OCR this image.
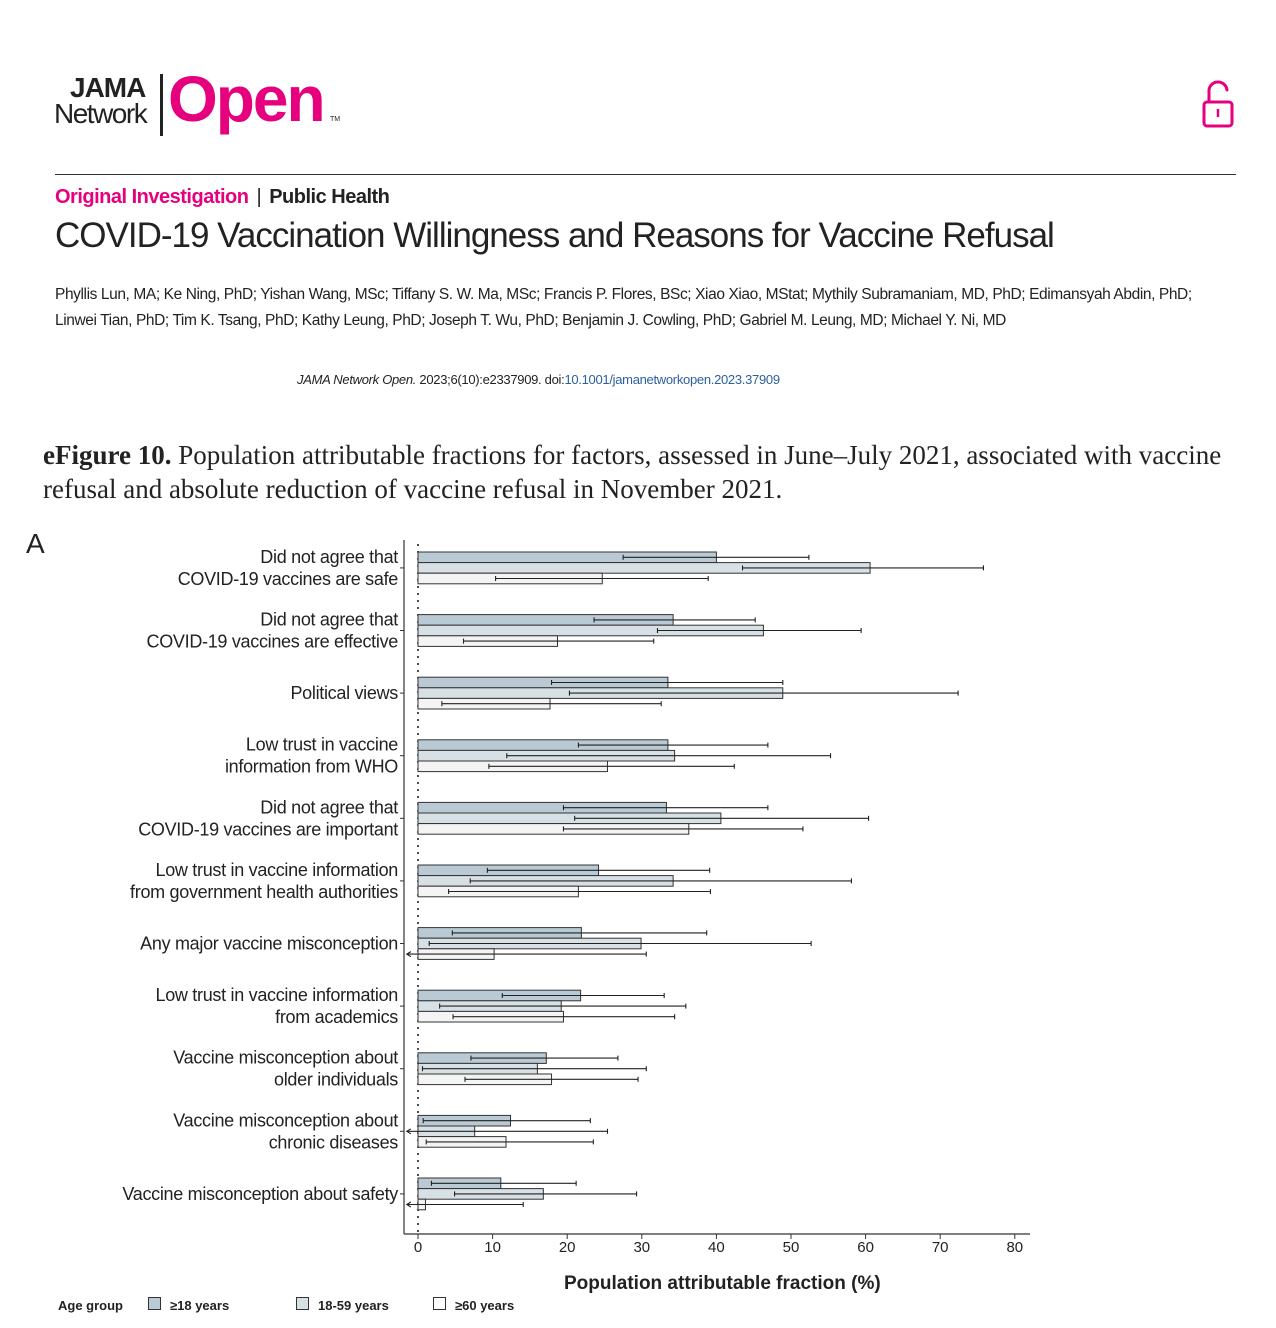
JAMA
Network Open TM
Original Investigation | Public Health
COVID-19 Vaccination Willingness and Reasons for Vaccine Refusal
Phyllis Lun, MA; Ke Ning, PhD; Yishan Wang, MSc; Tiffany S. W. Ma, MSc; Francis P. Flores, BSc; Xiao Xiao, MStat; Mythily Subramaniam, MD, PhD; Edimansyah Abdin, PhD;
Linwei Tian, PhD; Tim K. Tsang, PhD; Kathy Leung, PhD; Joseph T. Wu, PhD; Benjamin J. Cowling, PhD; Gabriel M. Leung, MD; Michael Y. Ni, MD
JAMA Network Open. 2023;6(10):e2337909. doi:10.1001/jamanetworkopen.2023.37909
eFigure 10. Population attributable fractions for factors, assessed in June–July 2021, associated with vaccine refusal and absolute reduction of vaccine refusal in November 2021.
A
0	10	20	30	40	50	60	70	80
Did not agree that
COVID-19 vaccines are safe
Did not agree that
COVID-19 vaccines are effective
Political views
Low trust in vaccine
information from WHO
Did not agree that
COVID-19 vaccines are important
Low trust in vaccine information
from government health authorities
Any major vaccine misconception
Low trust in vaccine information
from academics
Vaccine misconception about
older individuals
Vaccine misconception about
chronic diseases
Vaccine misconception about safety
Population attributable fraction (%)
Age group	≥18 years	18-59 years	≥60 years
